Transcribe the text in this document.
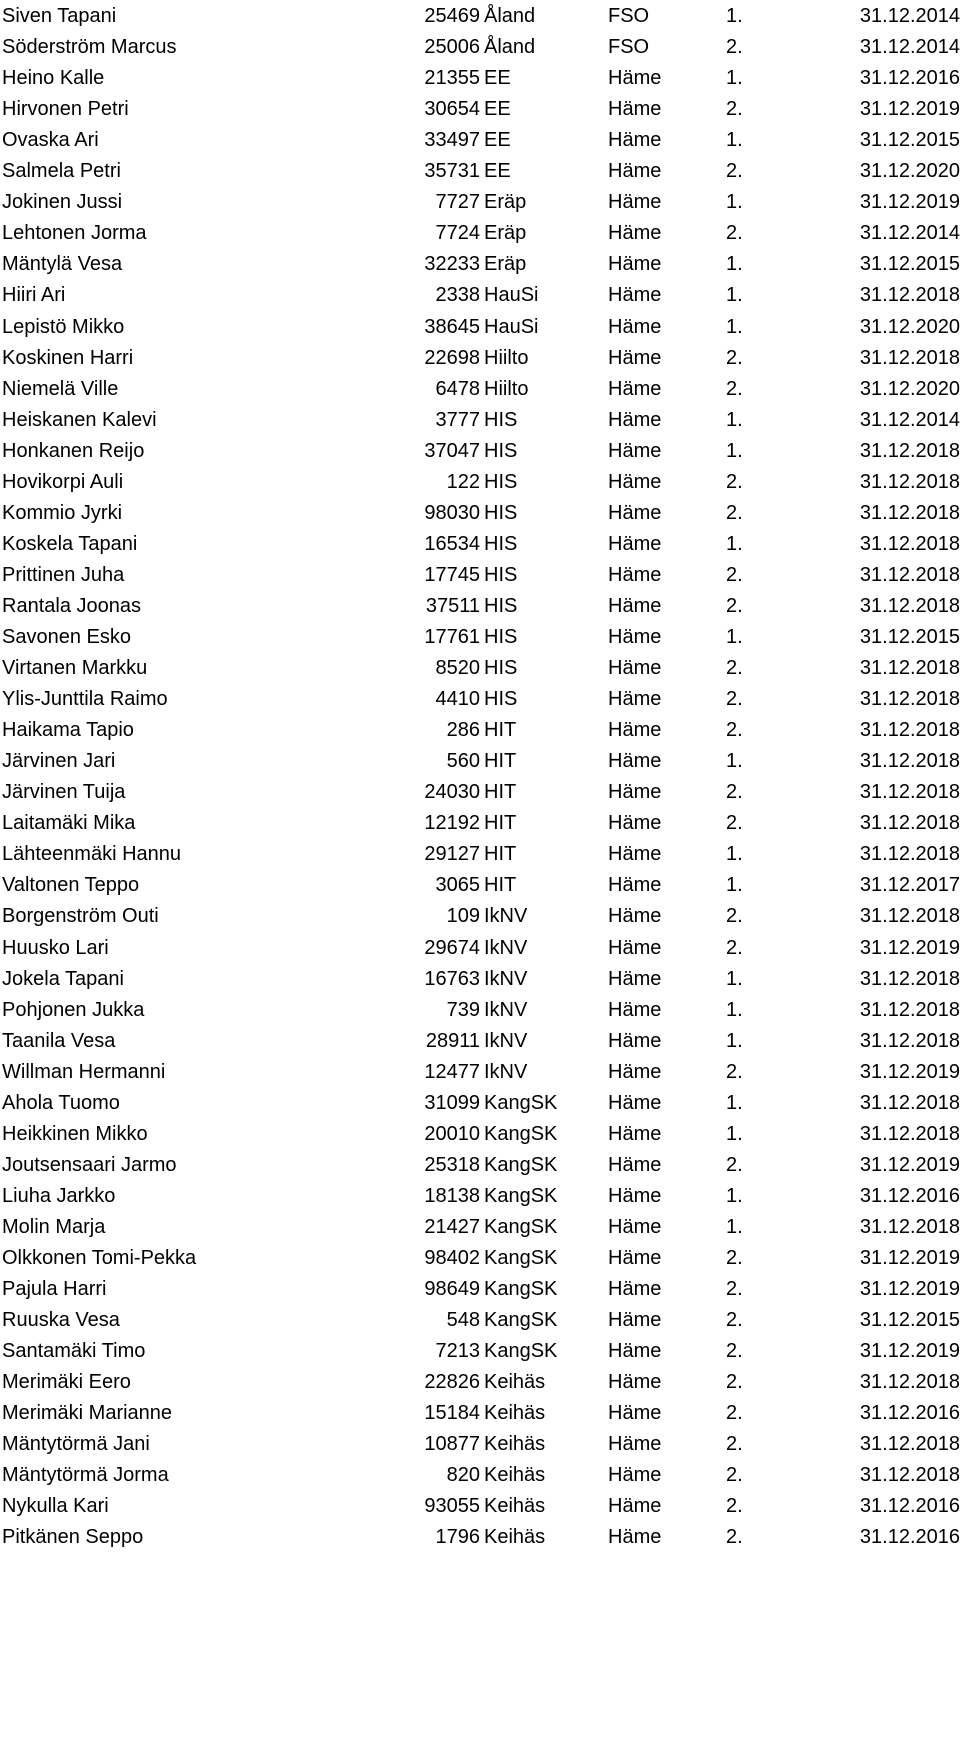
Siven Tapani	25469 Åland	FSO	1.	31.12.2014
Söderström Marcus	25006 Åland	FSO	2.	31.12.2014
Heino Kalle	21355 EE	Häme	1.	31.12.2016
Hirvonen Petri	30654 EE	Häme	2.	31.12.2019
Ovaska Ari	33497 EE	Häme	1.	31.12.2015
Salmela Petri	35731 EE	Häme	2.	31.12.2020
Jokinen Jussi	7727 Eräp	Häme	1.	31.12.2019
Lehtonen Jorma	7724 Eräp	Häme	2.	31.12.2014
Mäntylä Vesa	32233 Eräp	Häme	1.	31.12.2015
Hiiri Ari	2338 HauSi	Häme	1.	31.12.2018
Lepistö Mikko	38645 HauSi	Häme	1.	31.12.2020
Koskinen Harri	22698 Hiilto	Häme	2.	31.12.2018
Niemelä Ville	6478 Hiilto	Häme	2.	31.12.2020
Heiskanen Kalevi	3777 HIS	Häme	1.	31.12.2014
Honkanen Reijo	37047 HIS	Häme	1.	31.12.2018
Hovikorpi Auli	122 HIS	Häme	2.	31.12.2018
Kommio Jyrki	98030 HIS	Häme	2.	31.12.2018
Koskela Tapani	16534 HIS	Häme	1.	31.12.2018
Prittinen Juha	17745 HIS	Häme	2.	31.12.2018
Rantala Joonas	37511 HIS	Häme	2.	31.12.2018
Savonen Esko	17761 HIS	Häme	1.	31.12.2015
Virtanen Markku	8520 HIS	Häme	2.	31.12.2018
Ylis-Junttila Raimo	4410 HIS	Häme	2.	31.12.2018
Haikama Tapio	286 HIT	Häme	2.	31.12.2018
Järvinen Jari	560 HIT	Häme	1.	31.12.2018
Järvinen Tuija	24030 HIT	Häme	2.	31.12.2018
Laitamäki Mika	12192 HIT	Häme	2.	31.12.2018
Lähteenmäki Hannu	29127 HIT	Häme	1.	31.12.2018
Valtonen Teppo	3065 HIT	Häme	1.	31.12.2017
Borgenström Outi	109 IkNV	Häme	2.	31.12.2018
Huusko Lari	29674 IkNV	Häme	2.	31.12.2019
Jokela Tapani	16763 IkNV	Häme	1.	31.12.2018
Pohjonen Jukka	739 IkNV	Häme	1.	31.12.2018
Taanila Vesa	28911 IkNV	Häme	1.	31.12.2018
Willman Hermanni	12477 IkNV	Häme	2.	31.12.2019
Ahola Tuomo	31099 KangSK	Häme	1.	31.12.2018
Heikkinen Mikko	20010 KangSK	Häme	1.	31.12.2018
Joutsensaari Jarmo	25318 KangSK	Häme	2.	31.12.2019
Liuha Jarkko	18138 KangSK	Häme	1.	31.12.2016
Molin Marja	21427 KangSK	Häme	1.	31.12.2018
Olkkonen Tomi-Pekka	98402 KangSK	Häme	2.	31.12.2019
Pajula Harri	98649 KangSK	Häme	2.	31.12.2019
Ruuska Vesa	548 KangSK	Häme	2.	31.12.2015
Santamäki Timo	7213 KangSK	Häme	2.	31.12.2019
Merimäki Eero	22826 Keihäs	Häme	2.	31.12.2018
Merimäki Marianne	15184 Keihäs	Häme	2.	31.12.2016
Mäntytörmä Jani	10877 Keihäs	Häme	2.	31.12.2018
Mäntytörmä Jorma	820 Keihäs	Häme	2.	31.12.2018
Nykulla Kari	93055 Keihäs	Häme	2.	31.12.2016
Pitkänen Seppo	1796 Keihäs	Häme	2.	31.12.2016
